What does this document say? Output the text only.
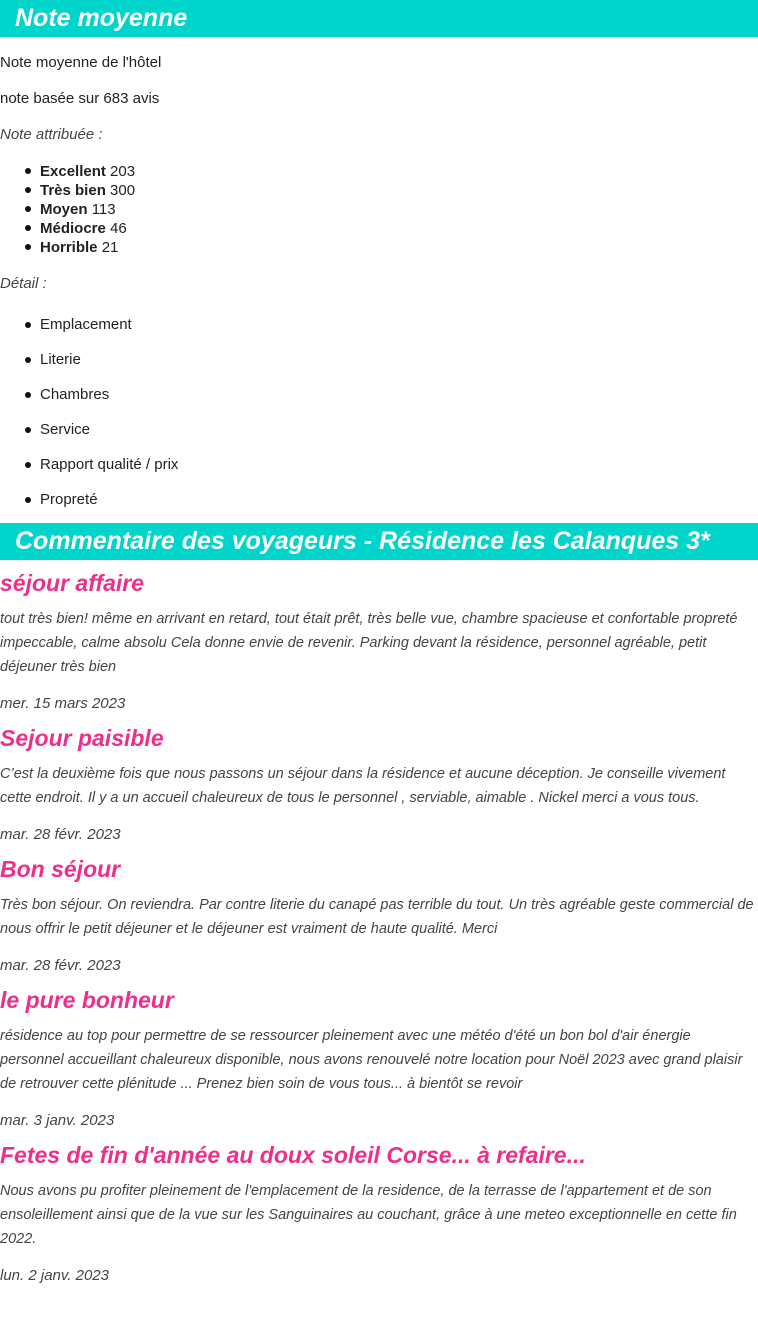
Note moyenne

Note moyenne de l'hôtel

note basée sur 683 avis

Note attribuée :

Excellent 203
Très bien 300
Moyen 113
Médiocre 46
Horrible 21

Détail :

Emplacement
Literie
Chambres
Service
Rapport qualité / prix
Propreté
Commentaire des voyageurs - Résidence les Calanques 3*
séjour affaire

tout très bien! même en arrivant en retard, tout était prêt, très belle vue, chambre spacieuse et confortable propreté impeccable, calme absolu Cela donne envie de revenir. Parking devant la résidence, personnel agréable, petit déjeuner très bien

mer. 15 mars 2023

Sejour paisible

C’est la deuxième fois que nous passons un séjour dans la résidence et aucune déception. Je conseille vivement cette endroit. Il y a un accueil chaleureux de tous le personnel , serviable, aimable . Nickel merci a vous tous.

mar. 28 févr. 2023

Bon séjour

Très bon séjour. On reviendra. Par contre literie du canapé pas terrible du tout. Un très agréable geste commercial de nous offrir le petit déjeuner et le déjeuner est vraiment de haute qualité. Merci

mar. 28 févr. 2023

le pure bonheur

résidence au top pour permettre de se ressourcer pleinement avec une météo d'été un bon bol d'air énergie personnel accueillant chaleureux disponible, nous avons renouvelé notre location pour Noël 2023 avec grand plaisir de retrouver cette plénitude ... Prenez bien soin de vous tous... à bientôt se revoir

mar. 3 janv. 2023

Fetes de fin d'année au doux soleil Corse... à refaire...

Nous avons pu profiter pleinement de l'emplacement de la residence, de la terrasse de l'appartement et de son ensoleillement ainsi que de la vue sur les Sanguinaires au couchant, grâce à une meteo exceptionnelle en cette fin 2022.

lun. 2 janv. 2023
